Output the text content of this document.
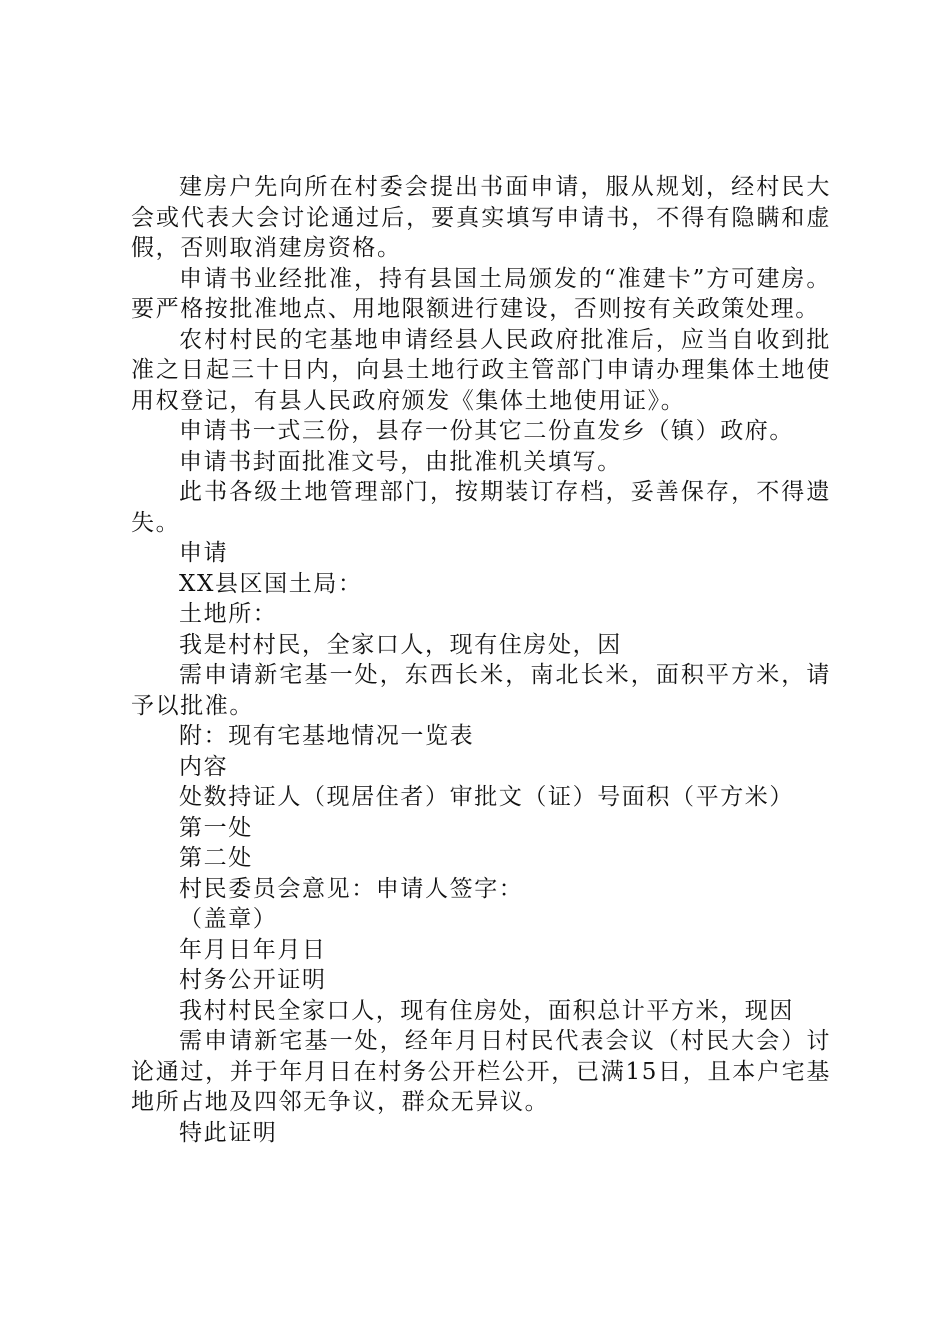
建房户先向所在村委会提出书面申请，服从规划，经村民大会或代表大会讨论通过后，要真实填写申请书，不得有隐瞒和虚假，否则取消建房资格。

申请书业经批准，持有县国土局颁发的“准建卡”方可建房。要严格按批准地点、用地限额进行建设，否则按有关政策处理。

农村村民的宅基地申请经县人民政府批准后，应当自收到批准之日起三十日内，向县土地行政主管部门申请办理集体土地使用权登记，有县人民政府颁发《集体土地使用证》。

申请书一式三份，县存一份其它二份直发乡（镇）政府。

申请书封面批准文号，由批准机关填写。

此书各级土地管理部门，按期装订存档，妥善保存，不得遗失。

申请

XX县区国土局：

土地所：

我是村村民，全家口人，现有住房处，因

需申请新宅基一处，东西长米，南北长米，面积平方米，请予以批准。

附：现有宅基地情况一览表

内容

处数持证人（现居住者）审批文（证）号面积（平方米）

第一处

第二处

村民委员会意见：申请人签字：

（盖章）

年月日年月日

村务公开证明

我村村民全家口人，现有住房处，面积总计平方米，现因

需申请新宅基一处，经年月日村民代表会议（村民大会）讨论通过，并于年月日在村务公开栏公开，已满15日，且本户宅基地所占地及四邻无争议，群众无异议。

特此证明
